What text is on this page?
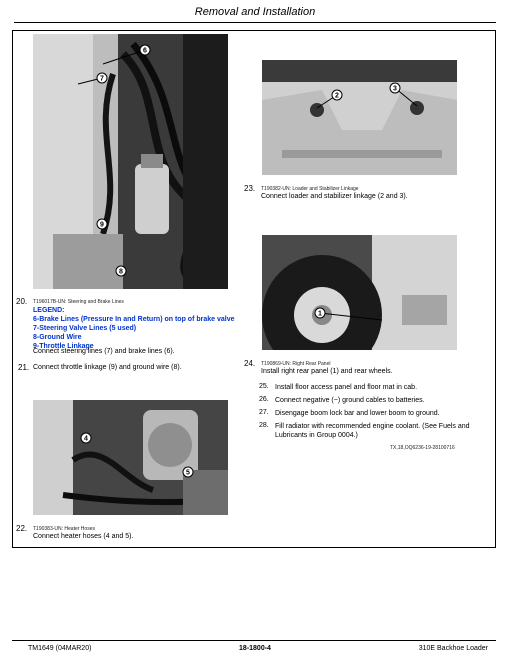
Removal and Installation
6
7
9
8
20. T196017B-UN: Steering and Brake Lines
LEGEND:
6-Brake Lines (Pressure In and Return) on top of brake valve
7-Steering Valve Lines (5 used)
8-Ground Wire
9-Throttle Linkage
Connect steering lines (7) and brake lines (6).
21. Connect throttle linkage (9) and ground wire (8).
4
5
22. T190383-UN: Heater Hoses
Connect heater hoses (4 and 5).
2
3
23. T190382-UN: Loader and Stabilizer Linkage
Connect loader and stabilizer linkage (2 and 3).
1
24. T190869-UN: Right Rear Panel
Install right rear panel (1) and rear wheels.
25. Install floor access panel and floor mat in cab.
26. Connect negative (−) ground cables to batteries.
27. Disengage boom lock bar and lower boom to ground.
28. Fill radiator with recommended engine coolant. (See Fuels and Lubricants in Group 0004.)
TX,18,OQ6236-19-28100716
TM1649 (04MAR20)	18-1800-4	310E Backhoe Loader
